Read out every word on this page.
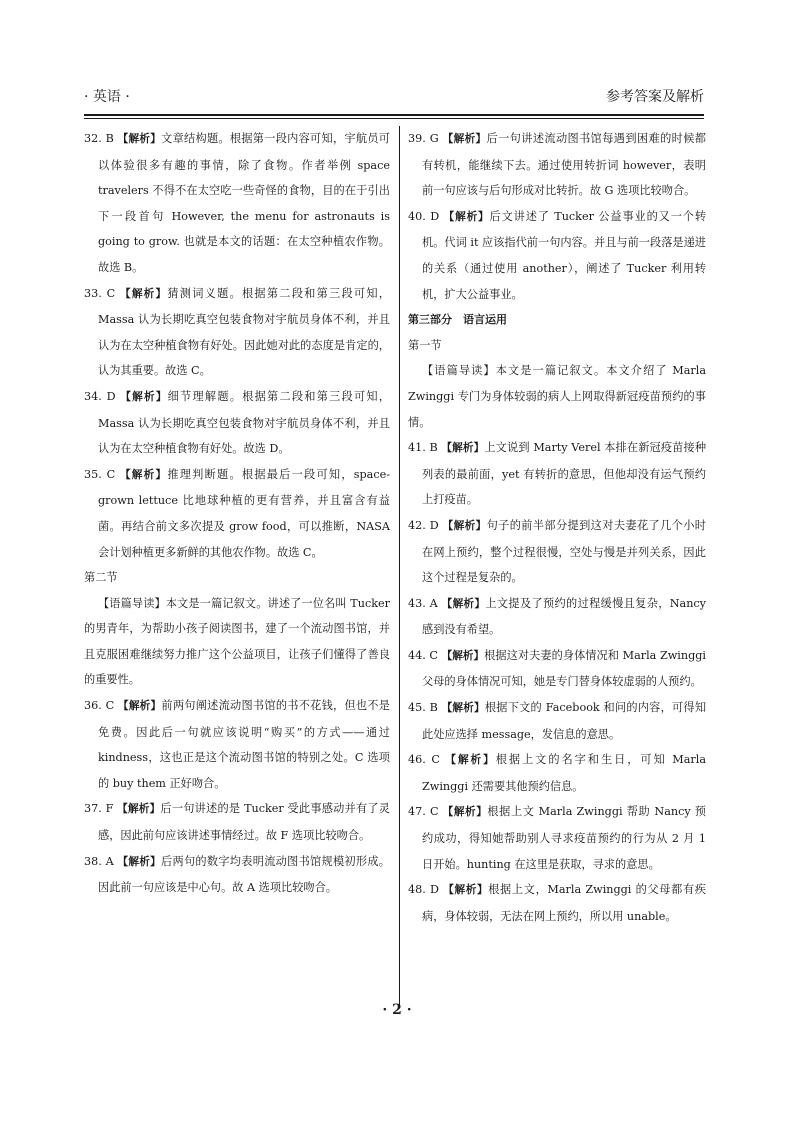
· 英语 ·	参考答案及解析

32. B 【解析】文章结构题。根据第一段内容可知，宇航员可以体验很多有趣的事情，除了食物。作者举例 space travelers 不得不在太空吃一些奇怪的食物，目的在于引出下一段首句 However, the menu for astronauts is going to grow. 也就是本文的话题：在太空种植农作物。故选 B。

33. C 【解析】猜测词义题。根据第二段和第三段可知，Massa 认为长期吃真空包装食物对宇航员身体不利，并且认为在太空种植食物有好处。因此她对此的态度是肯定的，认为其重要。故选 C。

34. D 【解析】细节理解题。根据第二段和第三段可知，Massa 认为长期吃真空包装食物对宇航员身体不利，并且认为在太空种植食物有好处。故选 D。

35. C 【解析】推理判断题。根据最后一段可知，space-grown lettuce 比地球种植的更有营养，并且富含有益菌。再结合前文多次提及 grow food，可以推断，NASA 会计划种植更多新鲜的其他农作物。故选 C。

第二节

【语篇导读】本文是一篇记叙文。讲述了一位名叫 Tucker 的男青年，为帮助小孩子阅读图书，建了一个流动图书馆，并且克服困难继续努力推广这个公益项目，让孩子们懂得了善良的重要性。

36. C 【解析】前两句阐述流动图书馆的书不花钱，但也不是免费。因此后一句就应该说明“购买”的方式——通过 kindness，这也正是这个流动图书馆的特别之处。C 选项的 buy them 正好吻合。

37. F 【解析】后一句讲述的是 Tucker 受此事感动并有了灵感，因此前句应该讲述事情经过。故 F 选项比较吻合。

38. A 【解析】后两句的数字均表明流动图书馆规模初形成。因此前一句应该是中心句。故 A 选项比较吻合。

39. G 【解析】后一句讲述流动图书馆每遇到困难的时候都有转机，能继续下去。通过使用转折词 however，表明前一句应该与后句形成对比转折。故 G 选项比较吻合。

40. D 【解析】后文讲述了 Tucker 公益事业的又一个转机。代词 it 应该指代前一句内容。并且与前一段落是递进的关系（通过使用 another），阐述了 Tucker 利用转机，扩大公益事业。

第三部分　语言运用

第一节

【语篇导读】本文是一篇记叙文。本文介绍了 Marla Zwinggi 专门为身体较弱的病人上网取得新冠疫苗预约的事情。

41. B 【解析】上文说到 Marty Verel 本排在新冠疫苗接种列表的最前面，yet 有转折的意思，但他却没有运气预约上打疫苗。

42. D 【解析】句子的前半部分提到这对夫妻花了几个小时在网上预约，整个过程很慢，空处与慢是并列关系，因此这个过程是复杂的。

43. A 【解析】上文提及了预约的过程缓慢且复杂，Nancy 感到没有希望。

44. C 【解析】根据这对夫妻的身体情况和 Marla Zwinggi 父母的身体情况可知，她是专门替身体较虚弱的人预约。

45. B 【解析】根据下文的 Facebook 和问的内容，可得知此处应选择 message，发信息的意思。

46. C 【解析】根据上文的名字和生日，可知 Marla Zwinggi 还需要其他预约信息。

47. C 【解析】根据上文 Marla Zwinggi 帮助 Nancy 预约成功，得知她帮助别人寻求疫苗预约的行为从 2 月 1 日开始。hunting 在这里是获取，寻求的意思。

48. D 【解析】根据上文，Marla Zwinggi 的父母都有疾病，身体较弱，无法在网上预约，所以用 unable。

· 2 ·
